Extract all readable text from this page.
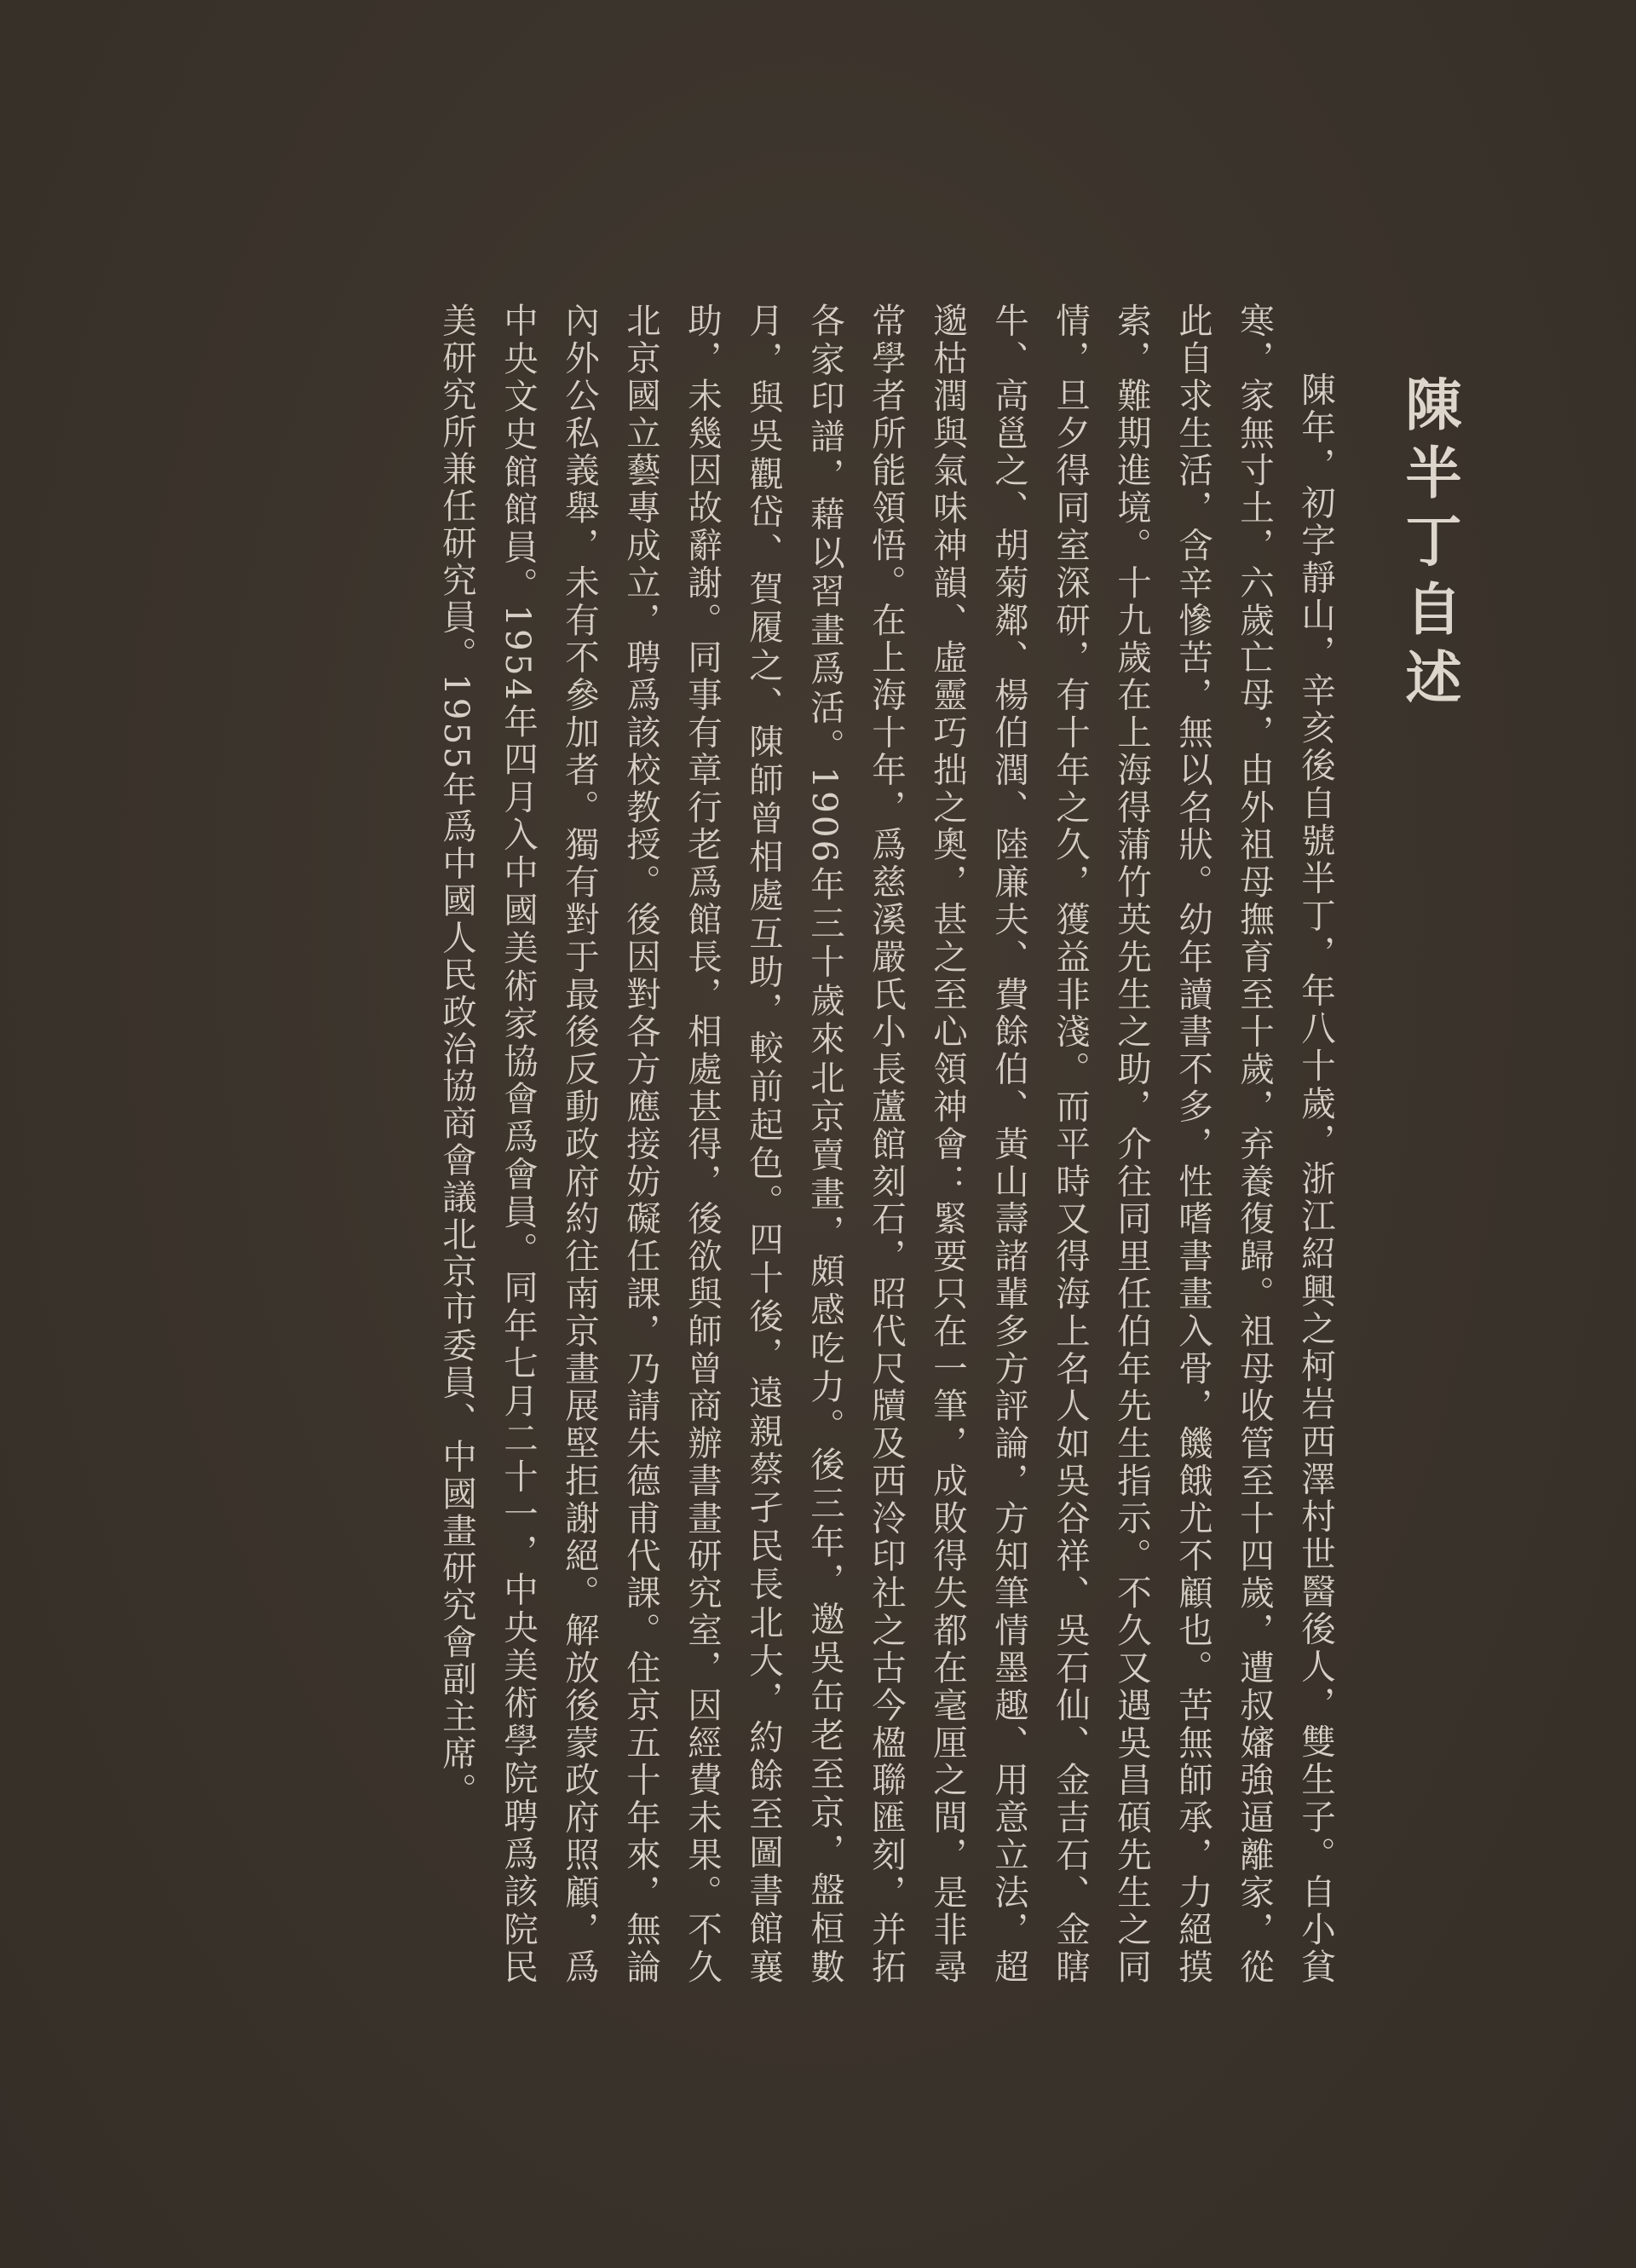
陳半丁自述

陳年，初字靜山，辛亥後自號半丁，年八十歲，浙江紹興之柯岩西澤村世醫後人，雙生子。自小貧寒，家無寸土，六歲亡母，由外祖母撫育至十歲，弃養復歸。祖母收管至十四歲，遭叔嬸強逼離家，從此自求生活，含辛慘苦，無以名狀。幼年讀書不多，性嗜書畫入骨，饑餓尤不顧也。苦無師承，力絕摸索，難期進境。十九歲在上海得蒲竹英先生之助，介往同里任伯年先生指示。不久又遇吳昌碩先生之同情，旦夕得同室深研，有十年之久，獲益非淺。而平時又得海上名人如吳谷祥、吳石仙、金吉石、金瞎牛、高邕之、胡菊鄰、楊伯潤、陸廉夫、費餘伯、黃山壽諸輩多方評論，方知筆情墨趣、用意立法，超邈枯潤與氣味神韻、虛靈巧拙之奧，甚之至心領神會：緊要只在一筆，成敗得失都在毫厘之間，是非尋常學者所能領悟。在上海十年，爲慈溪嚴氏小長蘆館刻石，昭代尺牘及西泠印社之古今楹聯匯刻，并拓各家印譜，藉以習畫爲活。1906年三十歲來北京賣畫，頗感吃力。後三年，邀吳缶老至京，盤桓數月，與吳觀岱、賀履之、陳師曾相處互助，較前起色。四十後，遠親蔡孑民長北大，約餘至圖書館襄助，未幾因故辭謝。同事有章行老爲館長，相處甚得，後欲與師曾商辦書畫研究室，因經費未果。不久北京國立藝專成立，聘爲該校教授。後因對各方應接妨礙任課，乃請朱德甫代課。住京五十年來，無論內外公私義舉，未有不參加者。獨有對于最後反動政府約往南京畫展堅拒謝絕。解放後蒙政府照顧，爲中央文史館館員。1954年四月入中國美術家協會爲會員。同年七月二十一，中央美術學院聘爲該院民美研究所兼任研究員。1955年爲中國人民政治協商會議北京市委員、中國畫研究會副主席。
